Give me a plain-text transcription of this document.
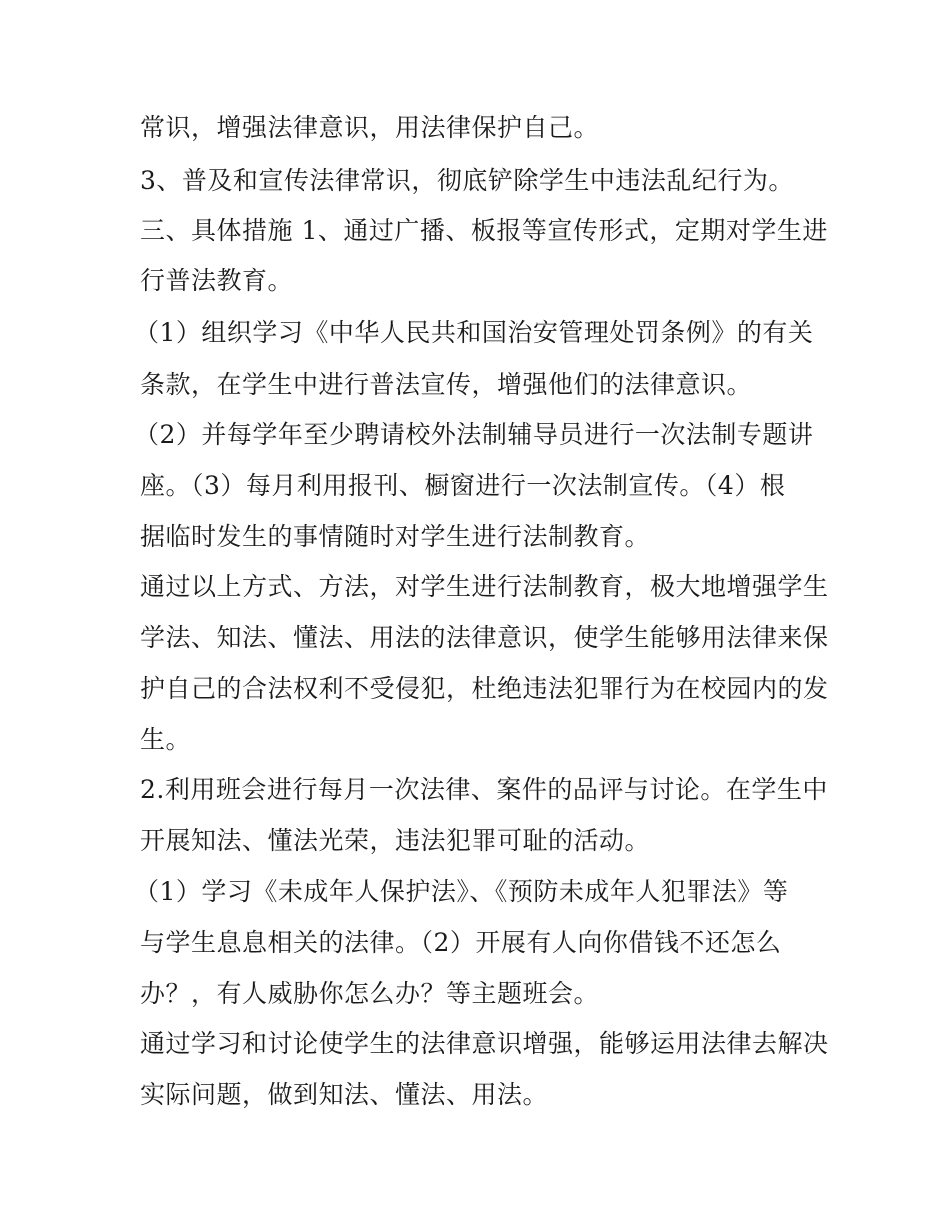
常识，增强法律意识，用法律保护自己。
3、普及和宣传法律常识，彻底铲除学生中违法乱纪行为。
三、具体措施 1、通过广播、板报等宣传形式，定期对学生进
行普法教育。
（1）组织学习《中华人民共和国治安管理处罚条例》的有关
条款，在学生中进行普法宣传，增强他们的法律意识。
（2）并每学年至少聘请校外法制辅导员进行一次法制专题讲
座。（3）每月利用报刊、橱窗进行一次法制宣传。（4）根
据临时发生的事情随时对学生进行法制教育。
通过以上方式、方法，对学生进行法制教育，极大地增强学生
学法、知法、懂法、用法的法律意识，使学生能够用法律来保
护自己的合法权利不受侵犯，杜绝违法犯罪行为在校园内的发
生。
2.利用班会进行每月一次法律、案件的品评与讨论。在学生中
开展知法、懂法光荣，违法犯罪可耻的活动。
（1）学习《未成年人保护法》、《预防未成年人犯罪法》等
与学生息息相关的法律。（2）开展有人向你借钱不还怎么
办？，有人威胁你怎么办？等主题班会。
通过学习和讨论使学生的法律意识增强，能够运用法律去解决
实际问题，做到知法、懂法、用法。
